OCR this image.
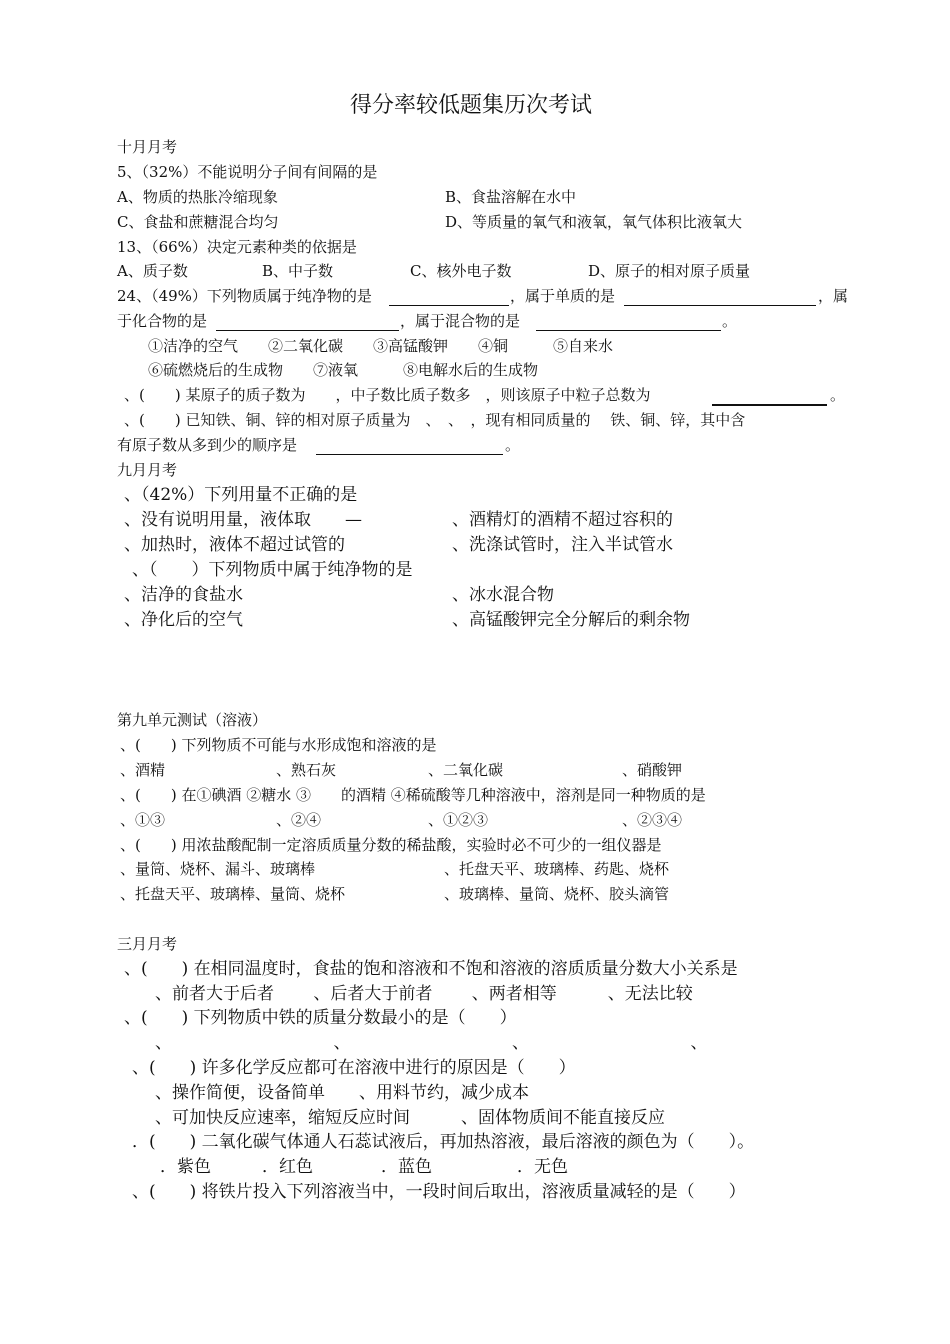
得分率较低题集历次考试
十月月考
5、（32%）不能说明分子间有间隔的是
A、物质的热胀冷缩现象	B、食盐溶解在水中
C、食盐和蔗糖混合均匀	D、等质量的氧气和液氧，氧气体积比液氧大
13、（66%）决定元素种类的依据是
A、质子数	B、中子数	C、核外电子数	D、原子的相对原子质量
24、（49%）下列物质属于纯净物的是	，属于单质的是	，属
于化合物的是	，属于混合物的是	。
①洁净的空气　　②二氧化碳　　③高锰酸钾　　④铜　　　⑤自来水
⑥硫燃烧后的生成物　　⑦液氧　　　⑧电解水后的生成物
、(　　) 某原子的质子数为　　，中子数比质子数多　，则该原子中粒子总数为	。
、(　　) 已知铁、铜、锌的相对原子质量为　、　、　，现有相同质量的　 铁、铜、锌，其中含
有原子数从多到少的顺序是	。
九月月考
、（42%）下列用量不正确的是
、没有说明用量，液体取　　—	、酒精灯的酒精不超过容积的
、加热时，液体不超过试管的	、洗涤试管时，注入半试管水
、（　　）下列物质中属于纯净物的是
、洁净的食盐水	、冰水混合物
、净化后的空气	、高锰酸钾完全分解后的剩余物
第九单元测试（溶液）
、(　　) 下列物质不可能与水形成饱和溶液的是
、酒精	、熟石灰	、二氧化碳	、硝酸钾
、(　　) 在①碘酒 ②糖水 ③　　的酒精 ④稀硫酸等几种溶液中，溶剂是同一种物质的是
、①③	、②④	、①②③	、②③④
、(　　) 用浓盐酸配制一定溶质质量分数的稀盐酸，实验时必不可少的一组仪器是
、量筒、烧杯、漏斗、玻璃棒	、托盘天平、玻璃棒、药匙、烧杯
、托盘天平、玻璃棒、量筒、烧杯	、玻璃棒、量筒、烧杯、胶头滴管
三月月考
、(　　) 在相同温度时，食盐的饱和溶液和不饱和溶液的溶质质量分数大小关系是
、前者大于后者　　 、后者大于前者　　 、两者相等　　　、无法比较
、(　　) 下列物质中铁的质量分数最小的是（　　）
、　　　　　　　　　　、　　　　　　　　　　、　　　　　　　　　　、
、(　　) 许多化学反应都可在溶液中进行的原因是（　　）
、操作简便，设备简单　　、用料节约，减少成本
、可加快反应速率，缩短反应时间　　　、固体物质间不能直接反应
．(　　) 二氧化碳气体通人石蕊试液后，再加热溶液，最后溶液的颜色为（　　）。
．紫色　　　．红色　　　　．蓝色　　　　　．无色
、(　　) 将铁片投入下列溶液当中，一段时间后取出，溶液质量减轻的是（　　）
